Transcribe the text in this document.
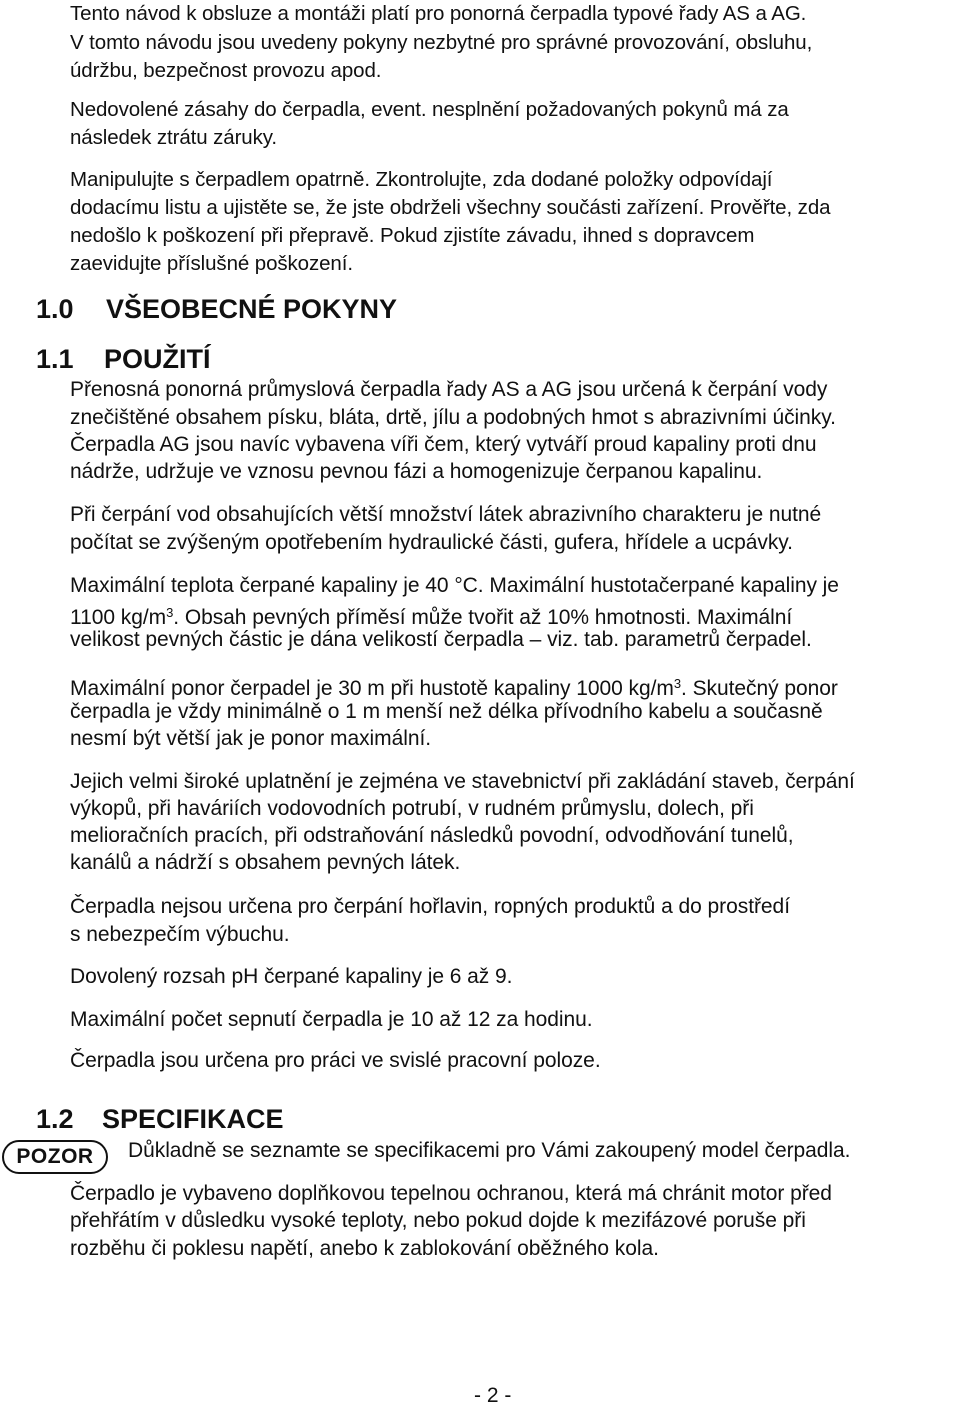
Tento návod k obsluze a montáži platí pro ponorná čerpadla typové řady AS a AG.

V tomto návodu jsou uvedeny pokyny nezbytné pro správné provozování, obsluhu,

údržbu, bezpečnost provozu apod.

Nedovolené zásahy do čerpadla, event. nesplnění požadovaných pokynů má za

následek ztrátu záruky.

Manipulujte s čerpadlem opatrně. Zkontrolujte, zda dodané položky odpovídají

dodacímu listu a ujistěte se, že jste obdrželi všechny součásti zařízení. Prověřte, zda

nedošlo k poškození při přepravě. Pokud zjistíte závadu, ihned s dopravcem

zaevidujte příslušné poškození.

1.0 VŠEOBECNÉ POKYNY
1.1 POUŽITÍ

Přenosná ponorná průmyslová čerpadla řady AS a AG jsou určená k čerpání vody

znečištěné obsahem písku, bláta, drtě, jílu a podobných hmot s abrazivními účinky.

Čerpadla AG jsou navíc vybavena víři čem, který vytváří proud kapaliny proti dnu

nádrže, udržuje ve vznosu pevnou fázi a homogenizuje čerpanou kapalinu.

Při čerpání vod obsahujících větší množství látek abrazivního charakteru je nutné

počítat se zvýšeným opotřebením hydraulické části, gufera, hřídele a ucpávky.

Maximální teplota čerpané kapaliny je 40 °C. Maximální hustotačerpané kapaliny je

1100 $kg/m^3$. Obsah pevných příměsí může tvořit až 10% hmotnosti. Maximální

velikost pevných částic je dána velikostí čerpadla – viz. tab. parametrů čerpadel.

Maximální ponor čerpadel je 30 m při hustotě kapaliny 1000 $kg/m^3$. Skutečný ponor

čerpadla je vždy minimálně o 1 m menší než délka přívodního kabelu a současně

nesmí být větší jak je ponor maximální.

Jejich velmi široké uplatnění je zejména ve stavebnictví při zakládání staveb, čerpání

výkopů, při haváriích vodovodních potrubí, v rudném průmyslu, dolech, při

melioračních pracích, při odstraňování následků povodní, odvodňování tunelů,

kanálů a nádrží s obsahem pevných látek.

Čerpadla nejsou určena pro čerpání hořlavin, ropných produktů a do prostředí

s nebezpečím výbuchu.

Dovolený rozsah pH čerpané kapaliny je 6 až 9.

Maximální počet sepnutí čerpadla je 10 až 12 za hodinu.

Čerpadla jsou určena pro práci ve svislé pracovní poloze.

1.2 SPECIFIKACE
POZOR	Důkladně se seznamte se specifikacemi pro Vámi zakoupený model čerpadla.

Čerpadlo je vybaveno doplňkovou tepelnou ochranou, která má chránit motor před

přehřátím v důsledku vysoké teploty, nebo pokud dojde k mezifázové poruše při

rozběhu či poklesu napětí, anebo k zablokování oběžného kola.

- 2 -
